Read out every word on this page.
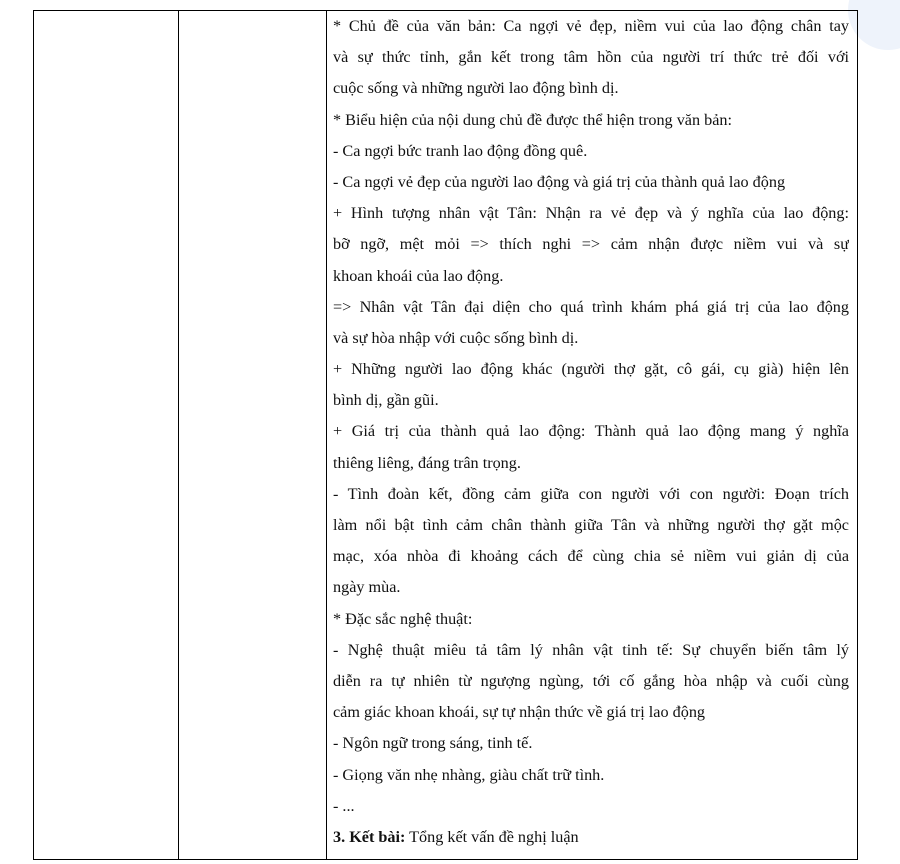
* Chủ đề của văn bản: Ca ngợi vẻ đẹp, niềm vui của lao động chân tay
và sự thức tỉnh, gắn kết trong tâm hồn của người trí thức trẻ đối với
cuộc sống và những người lao động bình dị.
* Biểu hiện của nội dung chủ đề được thể hiện trong văn bản:
- Ca ngợi bức tranh lao động đồng quê.
- Ca ngợi vẻ đẹp của người lao động và giá trị của thành quả lao động
+ Hình tượng nhân vật Tân: Nhận ra vẻ đẹp và ý nghĩa của lao động:
bỡ ngỡ, mệt mỏi => thích nghi => cảm nhận được niềm vui và sự
khoan khoái của lao động.
=> Nhân vật Tân đại diện cho quá trình khám phá giá trị của lao động
và sự hòa nhập với cuộc sống bình dị.
+ Những người lao động khác (người thợ gặt, cô gái, cụ già) hiện lên
bình dị, gần gũi.
+ Giá trị của thành quả lao động: Thành quả lao động mang ý nghĩa
thiêng liêng, đáng trân trọng.
- Tình đoàn kết, đồng cảm giữa con người với con người: Đoạn trích
làm nổi bật tình cảm chân thành giữa Tân và những người thợ gặt mộc
mạc, xóa nhòa đi khoảng cách để cùng chia sẻ niềm vui giản dị của
ngày mùa.
* Đặc sắc nghệ thuật:
- Nghệ thuật miêu tả tâm lý nhân vật tinh tế: Sự chuyển biến tâm lý
diễn ra tự nhiên từ ngượng ngùng, tới cố gắng hòa nhập và cuối cùng
cảm giác khoan khoái, sự tự nhận thức về giá trị lao động
- Ngôn ngữ trong sáng, tinh tế.
- Giọng văn nhẹ nhàng, giàu chất trữ tình.
- ...
3. Kết bài: Tổng kết vấn đề nghị luận
